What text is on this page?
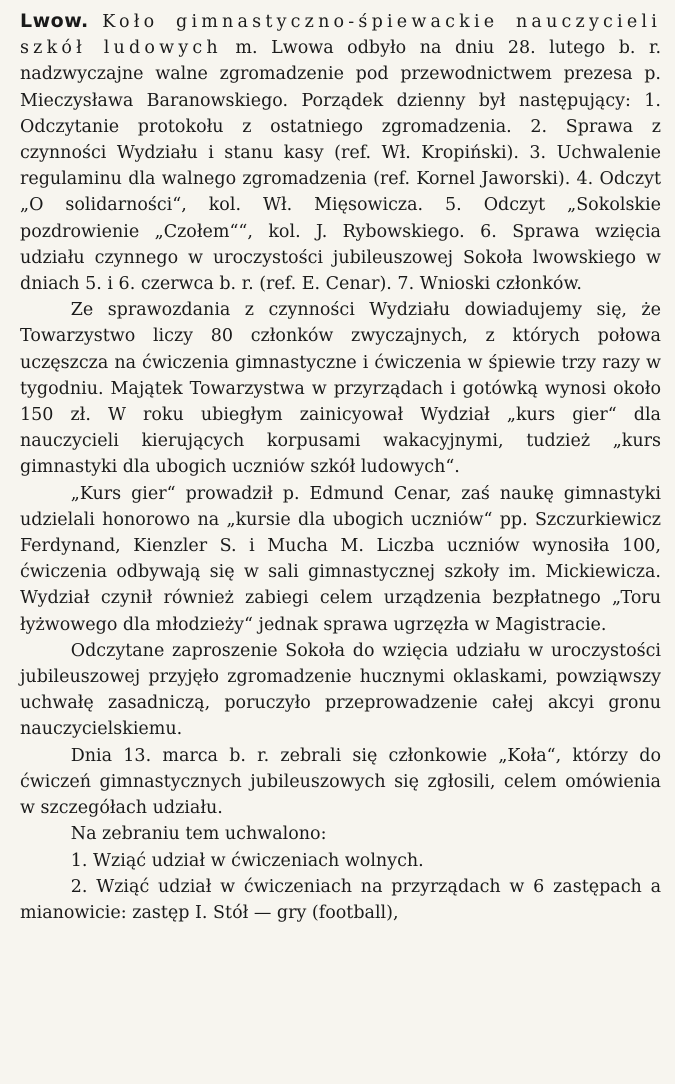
Lwow. Koło gimnastyczno-śpiewackie nauczycieli szkół ludowych m. Lwowa odbyło na dniu 28. lutego b. r. nadzwyczajne walne zgromadzenie pod przewodnictwem prezesa p. Mieczysława Baranowskiego. Porządek dzienny był następujący: 1. Odczytanie protokołu z ostatniego zgromadzenia. 2. Sprawa z czynności Wydziału i stanu kasy (ref. Wł. Kropiński). 3. Uchwalenie regulaminu dla walnego zgromadzenia (ref. Kornel Jaworski). 4. Odczyt „O solidarności“, kol. Wł. Mięsowicza. 5. Odczyt „Sokolskie pozdrowienie „Czołem““, kol. J. Rybowskiego. 6. Sprawa wzięcia udziału czynnego w uroczystości jubileuszowej Sokoła lwowskiego w dniach 5. i 6. czerwca b. r. (ref. E. Cenar). 7. Wnioski członków.

Ze sprawozdania z czynności Wydziału dowiadujemy się, że Towarzystwo liczy 80 członków zwyczajnych, z których połowa uczęszcza na ćwiczenia gimnastyczne i ćwiczenia w śpiewie trzy razy w tygodniu. Majątek Towarzystwa w przyrządach i gotówką wynosi około 150 zł. W roku ubiegłym zainicyował Wydział „kurs gier“ dla nauczycieli kierujących korpusami wakacyjnymi, tudzież „kurs gimnastyki dla ubogich uczniów szkół ludowych“.

„Kurs gier“ prowadził p. Edmund Cenar, zaś naukę gimnastyki udzielali honorowo na „kursie dla ubogich uczniów“ pp. Szczurkiewicz Ferdynand, Kienzler S. i Mucha M. Liczba uczniów wynosiła 100, ćwiczenia odbywają się w sali gimnastycznej szkoły im. Mickiewicza. Wydział czynił również zabiegi celem urządzenia bezpłatnego „Toru łyżwowego dla młodzieży“ jednak sprawa ugrzęzła w Magistracie.

Odczytane zaproszenie Sokoła do wzięcia udziału w uroczystości jubileuszowej przyjęło zgromadzenie hucznymi oklaskami, powziąwszy uchwałę zasadniczą, poruczyło przeprowadzenie całej akcyi gronu nauczycielskiemu.

Dnia 13. marca b. r. zebrali się członkowie „Koła“, którzy do ćwiczeń gimnastycznych jubileuszowych się zgłosili, celem omówienia w szczegółach udziału.

Na zebraniu tem uchwalono:

1. Wziąć udział w ćwiczeniach wolnych.

2. Wziąć udział w ćwiczeniach na przyrządach w 6 zastępach a mianowicie: zastęp I. Stół — gry (football),
